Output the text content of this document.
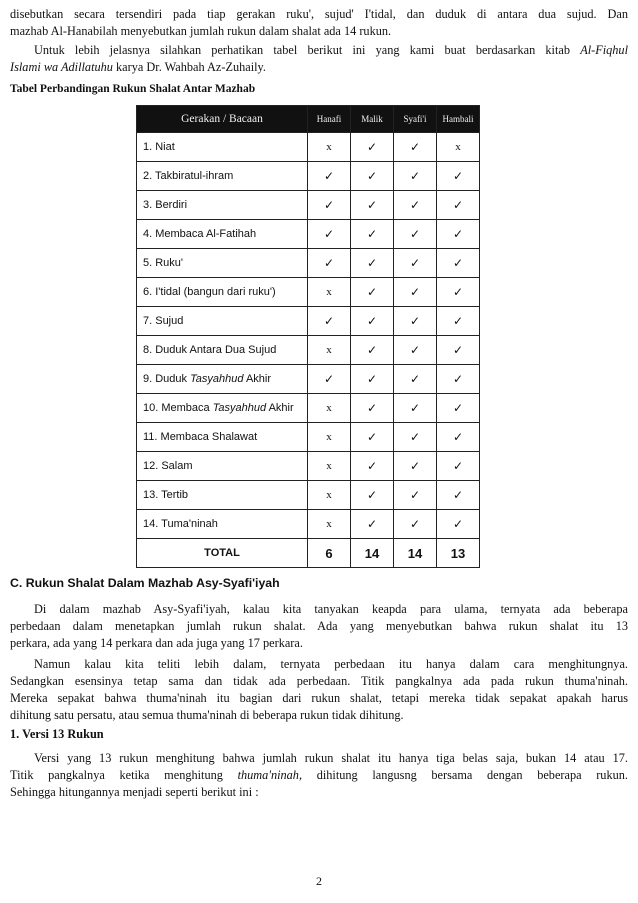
disebutkan secara tersendiri pada tiap gerakan ruku', sujud' I'tidal, dan duduk di antara dua sujud. Dan
mazhab Al-Hanabilah menyebutkan jumlah rukun dalam shalat ada 14 rukun.
Untuk lebih jelasnya silahkan perhatikan tabel berikut ini yang kami buat berdasarkan kitab Al-Fiqhul
Islami wa Adillatuhu karya Dr. Wahbah Az-Zuhaily.
Tabel Perbandingan Rukun Shalat Antar Mazhab
Gerakan / Bacaan	Hanafi	Malik	Syafi'i	Hambali
1. Niat	x	✓	✓	x
2. Takbiratul-ihram	✓	✓	✓	✓
3. Berdiri	✓	✓	✓	✓
4. Membaca Al-Fatihah	✓	✓	✓	✓
5. Ruku'	✓	✓	✓	✓
6. I'tidal (bangun dari ruku')	x	✓	✓	✓
7. Sujud	✓	✓	✓	✓
8. Duduk Antara Dua Sujud	x	✓	✓	✓
9. Duduk Tasyahhud Akhir	✓	✓	✓	✓
10. Membaca Tasyahhud Akhir	x	✓	✓	✓
11. Membaca Shalawat	x	✓	✓	✓
12. Salam	x	✓	✓	✓
13. Tertib	x	✓	✓	✓
14. Tuma'ninah	x	✓	✓	✓
TOTAL	6	14	14	13
C. Rukun Shalat Dalam Mazhab Asy-Syafi'iyah
Di dalam mazhab Asy-Syafi'iyah, kalau kita tanyakan keapda para ulama, ternyata ada beberapa
perbedaan dalam menetapkan jumlah rukun shalat. Ada yang menyebutkan bahwa rukun shalat itu 13
perkara, ada yang 14 perkara dan ada juga yang 17 perkara.
Namun kalau kita teliti lebih dalam, ternyata perbedaan itu hanya dalam cara menghitungnya.
Sedangkan esensinya tetap sama dan tidak ada perbedaan. Titik pangkalnya ada pada rukun thuma'ninah.
Mereka sepakat bahwa thuma'ninah itu bagian dari rukun shalat, tetapi mereka tidak sepakat apakah harus
dihitung satu persatu, atau semua thuma'ninah di beberapa rukun tidak dihitung.
1. Versi 13 Rukun
Versi yang 13 rukun menghitung bahwa jumlah rukun shalat itu hanya tiga belas saja, bukan 14 atau 17.
Titik pangkalnya ketika menghitung thuma'ninah, dihitung langusng bersama dengan beberapa rukun.
Sehingga hitungannya menjadi seperti berikut ini :
2
